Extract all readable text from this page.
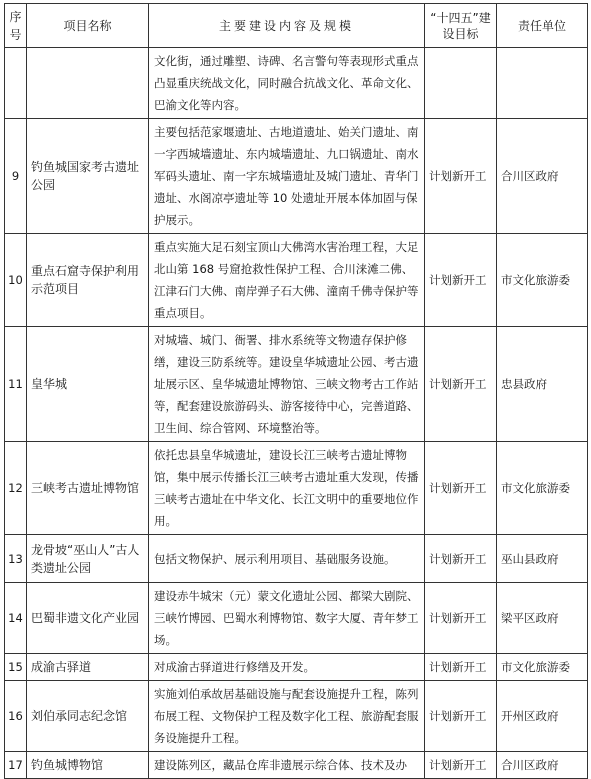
序号	项目名称	主要建设内容及规模	“十四五”建设目标	责任单位
		文化街，通过雕塑、诗碑、名言警句等表现形式重点凸显重庆统战文化，同时融合抗战文化、革命文化、巴渝文化等内容。		
9	钓鱼城国家考古遗址公园	主要包括范家堰遗址、古地道遗址、始关门遗址、南一字西城墙遗址、东内城墙遗址、九口锅遗址、南水军码头遗址、南一字东城墙遗址及城门遗址、青华门遗址、水阁凉亭遗址等 10 处遗址开展本体加固与保护展示。	计划新开工	合川区政府
10	重点石窟寺保护利用示范项目	重点实施大足石刻宝顶山大佛湾水害治理工程，大足北山第 168 号窟抢救性保护工程、合川涞滩二佛、江津石门大佛、南岸弹子石大佛、潼南千佛寺保护等重点项目。	计划新开工	市文化旅游委
11	皇华城	对城墙、城门、衙署、排水系统等文物遗存保护修缮，建设三防系统等。建设皇华城遗址公园、考古遗址展示区、皇华城遗址博物馆、三峡文物考古工作站等，配套建设旅游码头、游客接待中心，完善道路、卫生间、综合管网、环境整治等。	计划新开工	忠县政府
12	三峡考古遗址博物馆	依托忠县皇华城遗址，建设长江三峡考古遗址博物馆，集中展示传播长江三峡考古遗址重大发现，传播三峡考古遗址在中华文化、长江文明中的重要地位作用。	计划新开工	市文化旅游委
13	龙骨坡“巫山人”古人类遗址公园	包括文物保护、展示利用项目、基础服务设施。	计划新开工	巫山县政府
14	巴蜀非遗文化产业园	建设赤牛城宋（元）蒙文化遗址公园、都梁大剧院、三峡竹博园、巴蜀水利博物馆、数字大厦、青年梦工场。	计划新开工	梁平区政府
15	成渝古驿道	对成渝古驿道进行修缮及开发。	计划新开工	市文化旅游委
16	刘伯承同志纪念馆	实施刘伯承故居基础设施与配套设施提升工程，陈列布展工程、文物保护工程及数字化工程、旅游配套服务设施提升工程。	计划新开工	开州区政府
17	钓鱼城博物馆	建设陈列区，藏品仓库非遗展示综合体、技术及办	计划新开工	合川区政府
